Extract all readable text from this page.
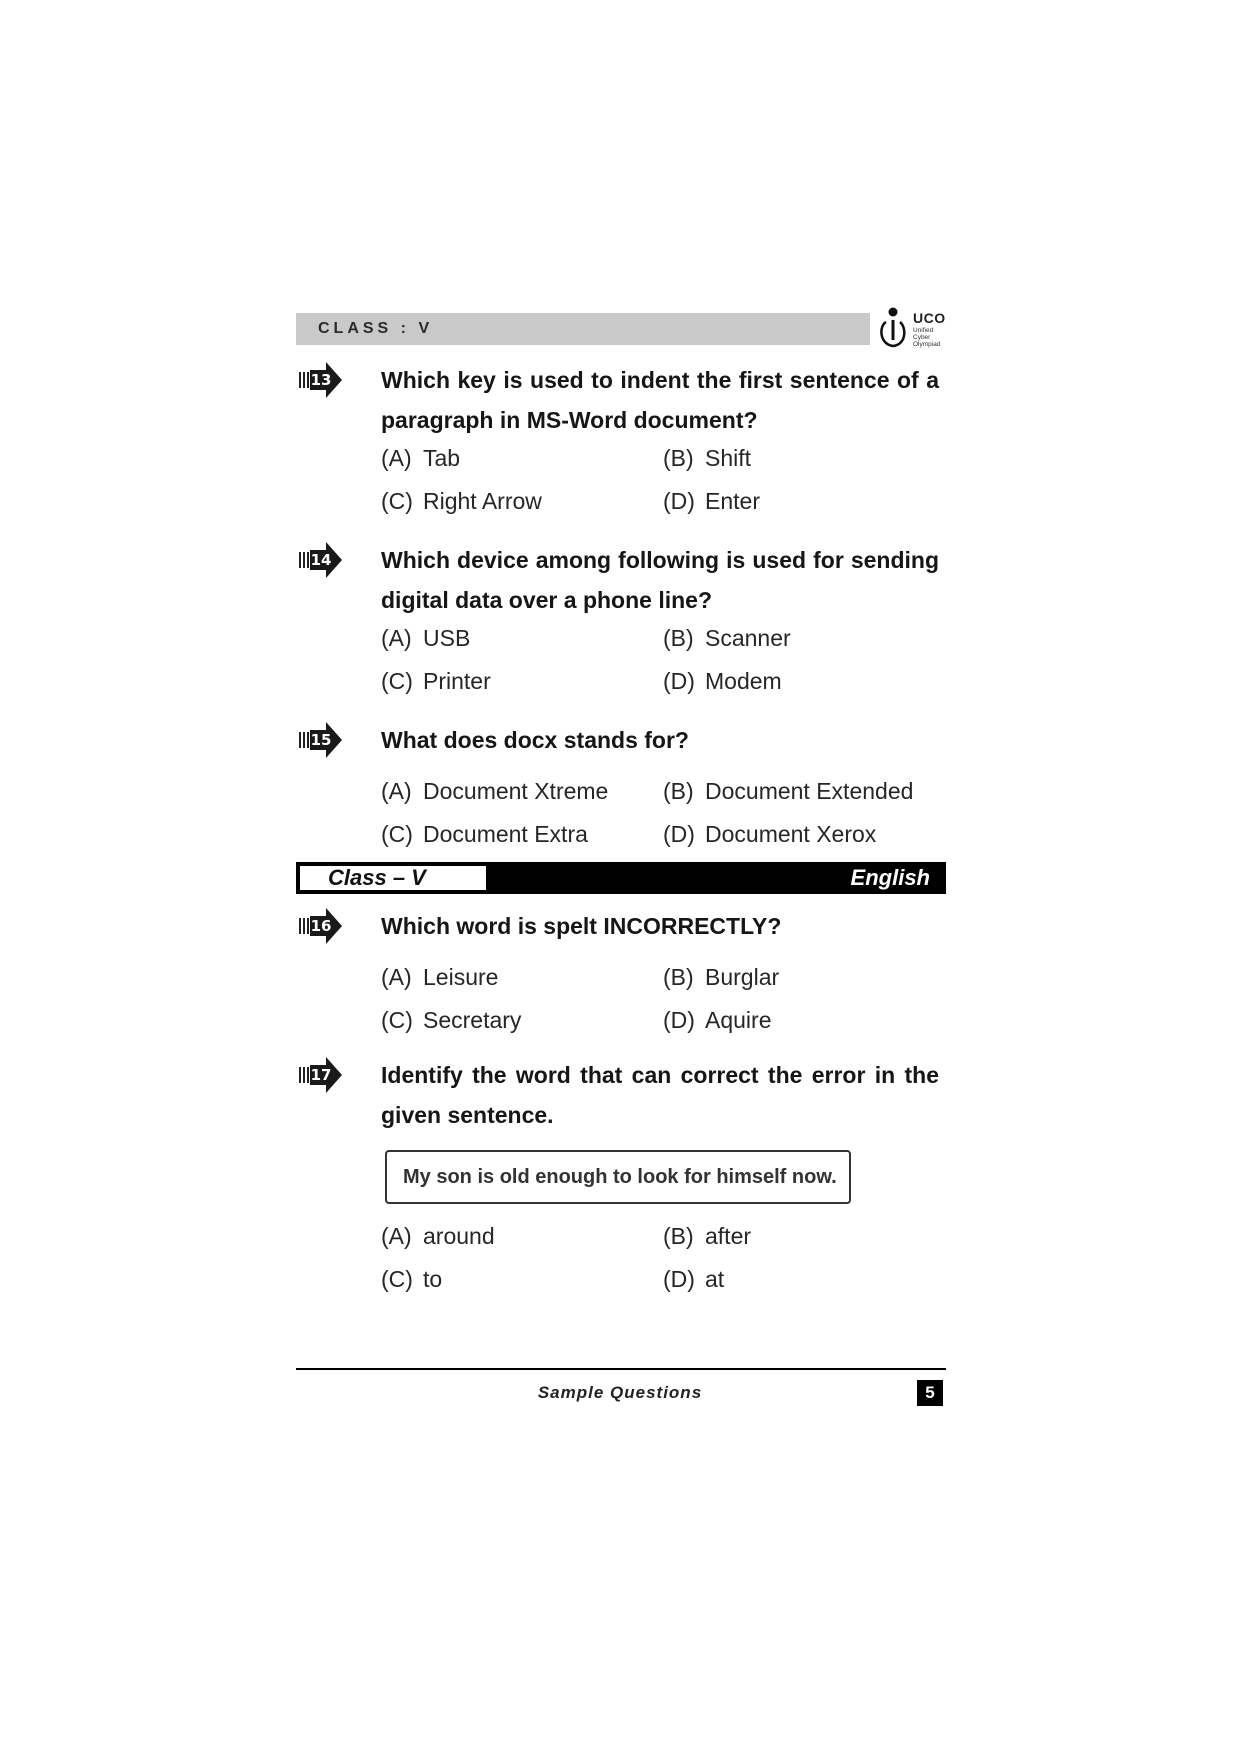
CLASS : V
UCO
Unified
Cyber
Olympiad
13 Which key is used to indent the first sentence of a paragraph in MS-Word document?
(A) Tab	(B) Shift
(C) Right Arrow	(D) Enter
14 Which device among following is used for sending digital data over a phone line?
(A) USB	(B) Scanner
(C) Printer	(D) Modem
15 What does docx stands for?
(A) Document Xtreme (B) Document Extended
(C) Document Extra	(D) Document Xerox
Class – V	English
16 Which word is spelt INCORRECTLY?
(A) Leisure	(B) Burglar
(C) Secretary	(D) Aquire
17 Identify the word that can correct the error in the given sentence.
My son is old enough to look for himself now.
(A) around	(B) after
(C) to	(D) at
Sample Questions	5
